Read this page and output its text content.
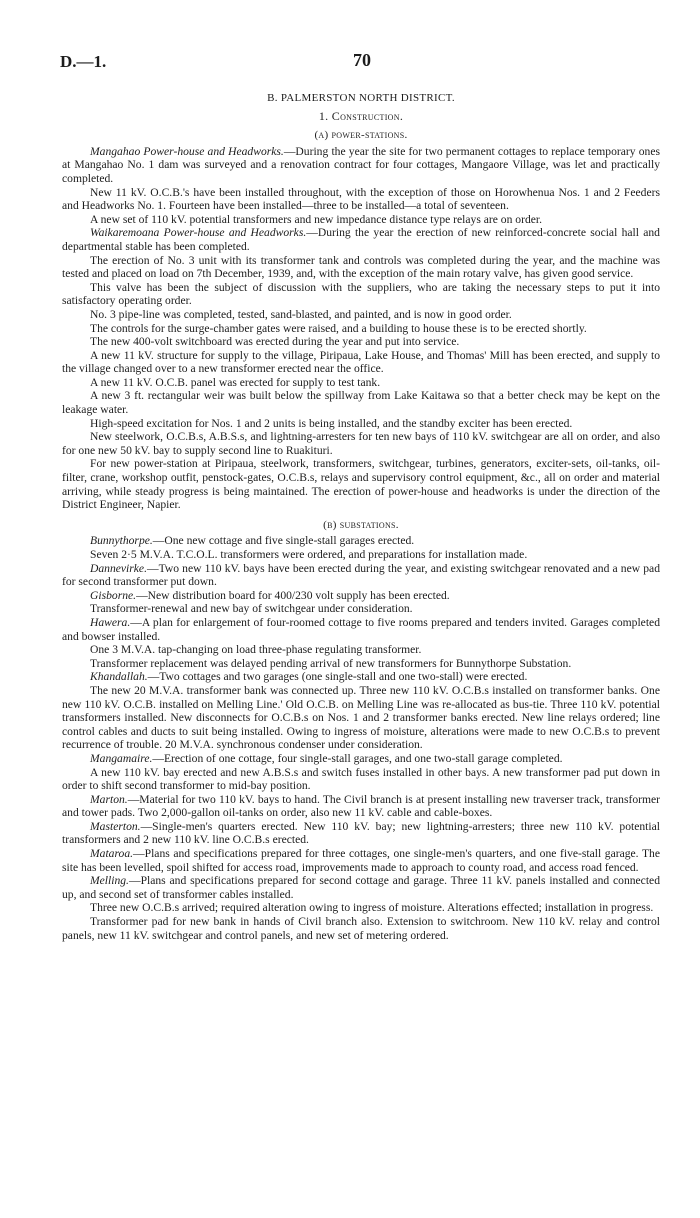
D.—1.	70
B. PALMERSTON NORTH DISTRICT.
1. Construction.
(a) power-stations.

Mangahao Power-house and Headworks.—During the year the site for two permanent cottages to replace temporary ones at Mangahao No. 1 dam was surveyed and a renovation contract for four cottages, Mangaore Village, was let and practically completed.

New 11 kV. O.C.B.'s have been installed throughout, with the exception of those on Horowhenua Nos. 1 and 2 Feeders and Headworks No. 1. Fourteen have been installed—three to be installed—a total of seventeen.

A new set of 110 kV. potential transformers and new impedance distance type relays are on order.

Waikaremoana Power-house and Headworks.—During the year the erection of new reinforced-concrete social hall and departmental stable has been completed.

The erection of No. 3 unit with its transformer tank and controls was completed during the year, and the machine was tested and placed on load on 7th December, 1939, and, with the exception of the main rotary valve, has given good service.

This valve has been the subject of discussion with the suppliers, who are taking the necessary steps to put it into satisfactory operating order.

No. 3 pipe-line was completed, tested, sand-blasted, and painted, and is now in good order.

The controls for the surge-chamber gates were raised, and a building to house these is to be erected shortly.

The new 400-volt switchboard was erected during the year and put into service.

A new 11 kV. structure for supply to the village, Piripaua, Lake House, and Thomas' Mill has been erected, and supply to the village changed over to a new transformer erected near the office.

A new 11 kV. O.C.B. panel was erected for supply to test tank.

A new 3 ft. rectangular weir was built below the spillway from Lake Kaitawa so that a better check may be kept on the leakage water.

High-speed excitation for Nos. 1 and 2 units is being installed, and the standby exciter has been erected.

New steelwork, O.C.B.s, A.B.S.s, and lightning-arresters for ten new bays of 110 kV. switchgear are all on order, and also for one new 50 kV. bay to supply second line to Ruakituri.

For new power-station at Piripaua, steelwork, transformers, switchgear, turbines, generators, exciter-sets, oil-tanks, oil-filter, crane, workshop outfit, penstock-gates, O.C.B.s, relays and supervisory control equipment, &c., all on order and material arriving, while steady progress is being maintained. The erection of power-house and headworks is under the direction of the District Engineer, Napier.

(b) substations.

Bunnythorpe.—One new cottage and five single-stall garages erected.

Seven 2·5 M.V.A. T.C.O.L. transformers were ordered, and preparations for installation made.

Dannevirke.—Two new 110 kV. bays have been erected during the year, and existing switchgear renovated and a new pad for second transformer put down.

Gisborne.—New distribution board for 400/230 volt supply has been erected.

Transformer-renewal and new bay of switchgear under consideration.

Hawera.—A plan for enlargement of four-roomed cottage to five rooms prepared and tenders invited. Garages completed and bowser installed.

One 3 M.V.A. tap-changing on load three-phase regulating transformer.

Transformer replacement was delayed pending arrival of new transformers for Bunnythorpe Substation.

Khandallah.—Two cottages and two garages (one single-stall and one two-stall) were erected.

The new 20 M.V.A. transformer bank was connected up. Three new 110 kV. O.C.B.s installed on transformer banks. One new 110 kV. O.C.B. installed on Melling Line.' Old O.C.B. on Melling Line was re-allocated as bus-tie. Three 110 kV. potential transformers installed. New disconnects for O.C.B.s on Nos. 1 and 2 transformer banks erected. New line relays ordered; line control cables and ducts to suit being installed. Owing to ingress of moisture, alterations were made to new O.C.B.s to prevent recurrence of trouble. 20 M.V.A. synchronous condenser under consideration.

Mangamaire.—Erection of one cottage, four single-stall garages, and one two-stall garage completed.

A new 110 kV. bay erected and new A.B.S.s and switch fuses installed in other bays. A new transformer pad put down in order to shift second transformer to mid-bay position.

Marton.—Material for two 110 kV. bays to hand. The Civil branch is at present installing new traverser track, transformer and tower pads. Two 2,000-gallon oil-tanks on order, also new 11 kV. cable and cable-boxes.

Masterton.—Single-men's quarters erected. New 110 kV. bay; new lightning-arresters; three new 110 kV. potential transformers and 2 new 110 kV. line O.C.B.s erected.

Mataroa.—Plans and specifications prepared for three cottages, one single-men's quarters, and one five-stall garage. The site has been levelled, spoil shifted for access road, improvements made to approach to county road, and access road fenced.

Melling.—Plans and specifications prepared for second cottage and garage. Three 11 kV. panels installed and connected up, and second set of transformer cables installed.

Three new O.C.B.s arrived; required alteration owing to ingress of moisture. Alterations effected; installation in progress.

Transformer pad for new bank in hands of Civil branch also. Extension to switchroom. New 110 kV. relay and control panels, new 11 kV. switchgear and control panels, and new set of metering ordered.
